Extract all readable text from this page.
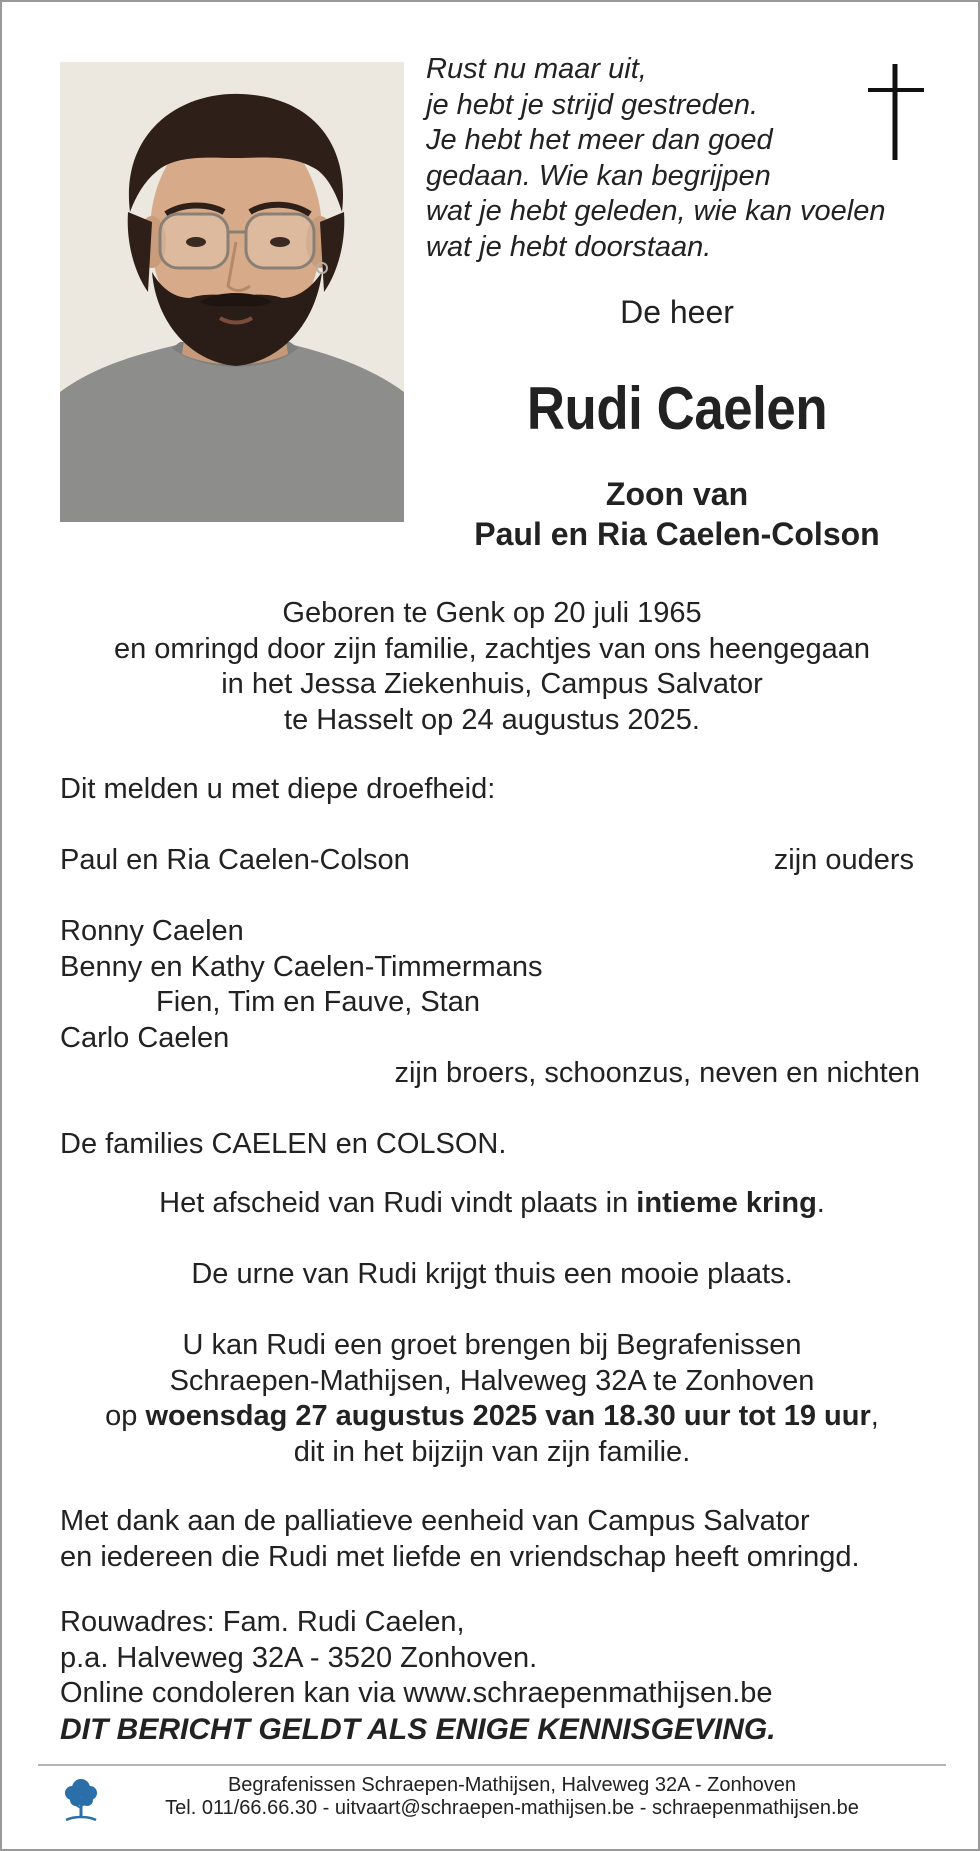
Rust nu maar uit,
je hebt je strijd gestreden.
Je hebt het meer dan goed
gedaan. Wie kan begrijpen
wat je hebt geleden, wie kan voelen
wat je hebt doorstaan.
De heer
Rudi Caelen
Zoon van
Paul en Ria Caelen-Colson
Geboren te Genk op 20 juli 1965
en omringd door zijn familie, zachtjes van ons heengegaan
in het Jessa Ziekenhuis, Campus Salvator
te Hasselt op 24 augustus 2025.
Dit melden u met diepe droefheid:
Paul en Ria Caelen-Colson	zijn ouders
Ronny Caelen
Benny en Kathy Caelen-Timmermans
Fien, Tim en Fauve, Stan
Carlo Caelen
zijn broers, schoonzus, neven en nichten
De families CAELEN en COLSON.
Het afscheid van Rudi vindt plaats in intieme kring.
De urne van Rudi krijgt thuis een mooie plaats.
U kan Rudi een groet brengen bij Begrafenissen
Schraepen-Mathijsen, Halveweg 32A te Zonhoven
op woensdag 27 augustus 2025 van 18.30 uur tot 19 uur,
dit in het bijzijn van zijn familie.
Met dank aan de palliatieve eenheid van Campus Salvator
en iedereen die Rudi met liefde en vriendschap heeft omringd.
Rouwadres: Fam. Rudi Caelen,
p.a. Halveweg 32A - 3520 Zonhoven.
Online condoleren kan via www.schraepenmathijsen.be
DIT BERICHT GELDT ALS ENIGE KENNISGEVING.
Begrafenissen Schraepen-Mathijsen, Halveweg 32A - Zonhoven
Tel. 011/66.66.30 - uitvaart@schraepen-mathijsen.be - schraepenmathijsen.be
